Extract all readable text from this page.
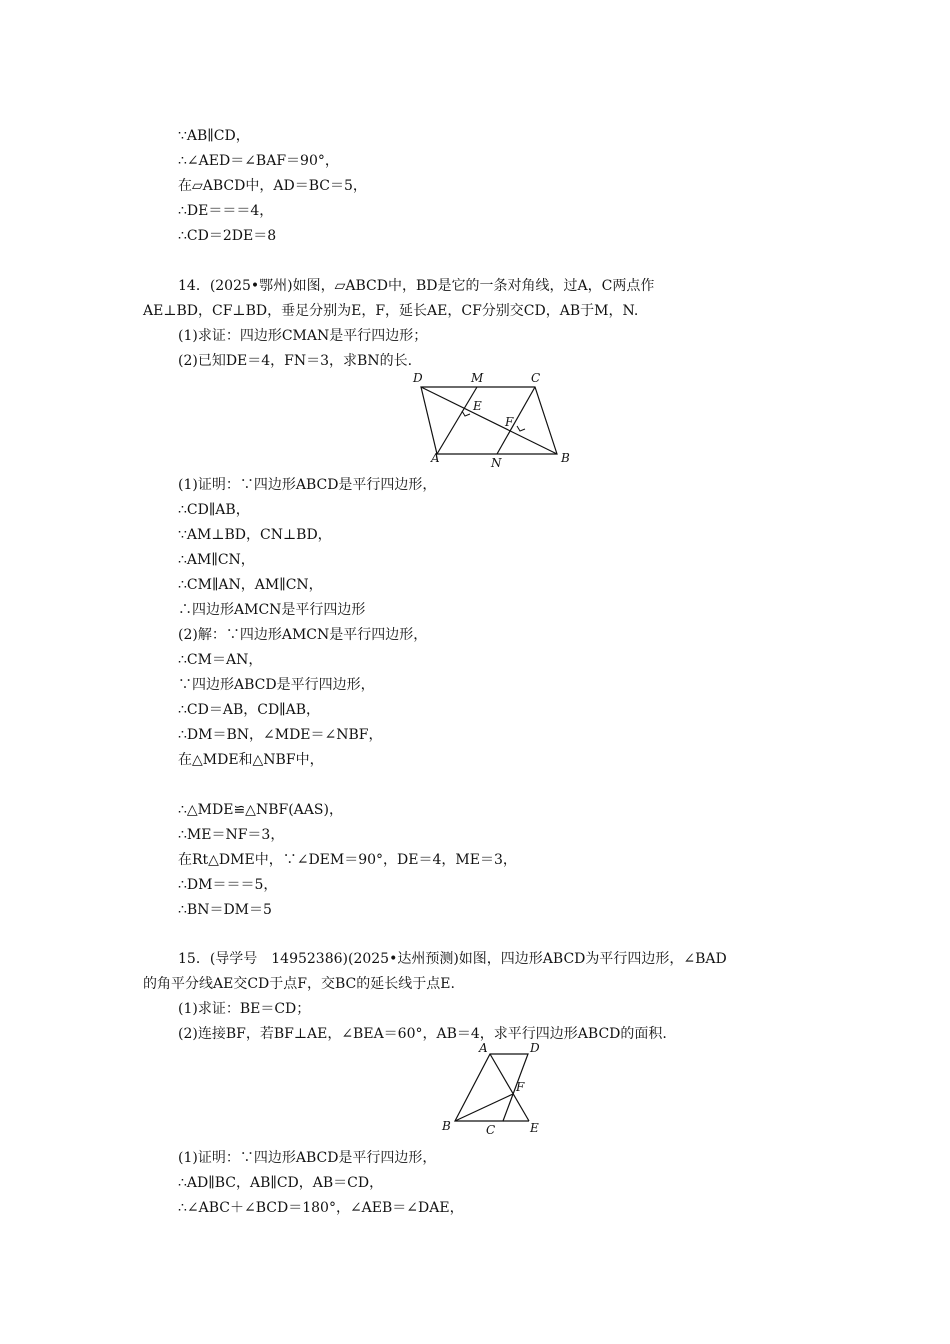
∵AB∥CD，
∴∠AED＝∠BAF＝90°，
在▱ABCD中，AD＝BC＝5，
∴DE＝＝＝4，
∴CD＝2DE＝8
14．(2025•鄂州)如图，▱ABCD中，BD是它的一条对角线，过A，C两点作
AE⊥BD，CF⊥BD，垂足分别为E，F，延长AE，CF分别交CD，AB于M，N.
(1)求证：四边形CMAN是平行四边形；
(2)已知DE＝4，FN＝3，求BN的长.
D	M	C
E
F
A	N	B
(1)证明：∵四边形ABCD是平行四边形，
∴CD∥AB，
∵AM⊥BD，CN⊥BD，
∴AM∥CN，
∴CM∥AN，AM∥CN，
∴四边形AMCN是平行四边形
(2)解：∵四边形AMCN是平行四边形，
∴CM＝AN，
∵四边形ABCD是平行四边形，
∴CD＝AB，CD∥AB，
∴DM＝BN，∠MDE＝∠NBF，
在△MDE和△NBF中，
∴△MDE≌△NBF(AAS)，
∴ME＝NF＝3，
在Rt△DME中，∵∠DEM＝90°，DE＝4，ME＝3，
∴DM＝＝＝5，
∴BN＝DM＝5
15．(导学号　14952386)(2025•达州预测)如图，四边形ABCD为平行四边形，∠BAD
的角平分线AE交CD于点F，交BC的延长线于点E.
(1)求证：BE＝CD；
(2)连接BF，若BF⊥AE，∠BEA＝60°，AB＝4，求平行四边形ABCD的面积.
A	D
F
B	C	E
(1)证明：∵四边形ABCD是平行四边形，
∴AD∥BC，AB∥CD，AB＝CD，
∴∠ABC＋∠BCD＝180°，∠AEB＝∠DAE，
